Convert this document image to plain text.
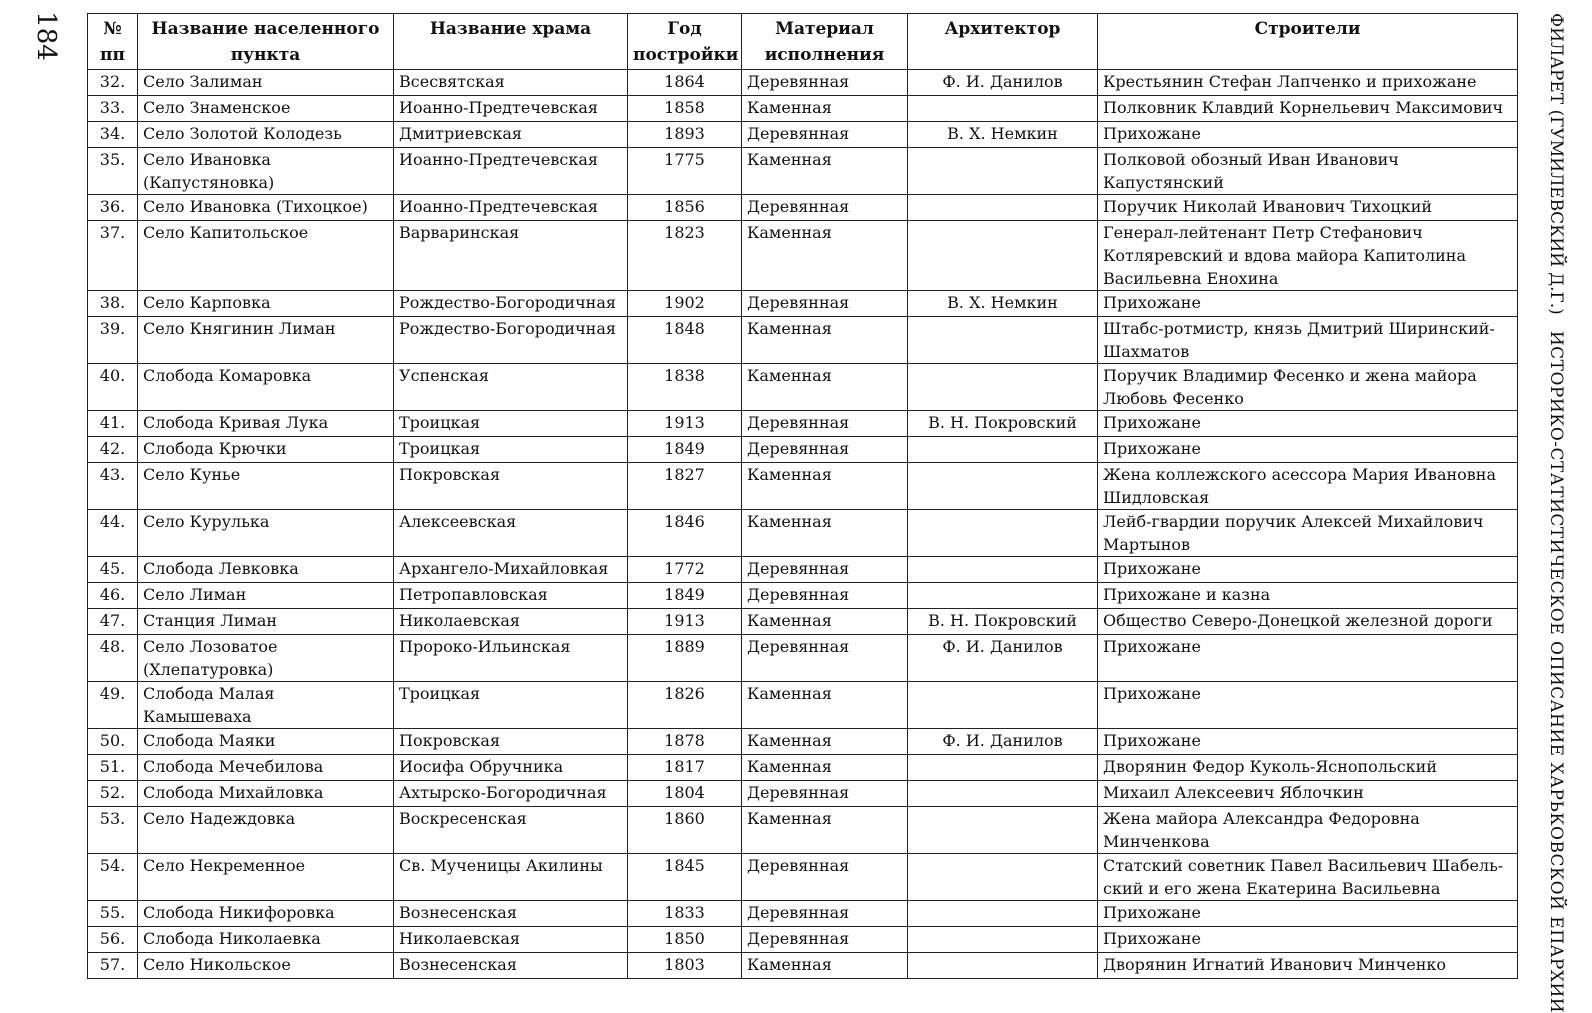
184 № пп	Название населенного пункта	Название храма	Год постройки	Материал исполнения	Архитектор	Строители
32.	Село Залиман	Всесвятская	1864	Деревянная	Ф. И. Данилов	Крестьянин Стефан Лапченко и прихожане
33.	Село Знаменское	Иоанно-Предтечевская	1858	Каменная		Полковник Клавдий Корнельевич Максимович
34.	Село Золотой Колодезь	Дмитриевская	1893	Деревянная	В. Х. Немкин	Прихожане
35.	Село Ивановка (Капустяновка)	Иоанно-Предтечевская	1775	Каменная		Полковой обозный Иван Иванович Капустянский
36.	Село Ивановка (Тихоцкое)	Иоанно-Предтечевская	1856	Деревянная		Поручик Николай Иванович Тихоцкий
37.	Село Капитольское	Варваринская	1823	Каменная		Генерал-лейтенант Петр Стефанович Котляревский и вдова майора Капитолина Васильевна Енохина
38.	Село Карповка	Рождество-Богородичная	1902	Деревянная	В. Х. Немкин	Прихожане
39.	Село Княгинин Лиман	Рождество-Богородичная	1848	Каменная		Штабс-ротмистр, князь Дмитрий Ширинский-Шахматов
40.	Слобода Комаровка	Успенская	1838	Каменная		Поручик Владимир Фесенко и жена майора Любовь Фесенко
41.	Слобода Кривая Лука	Троицкая	1913	Деревянная	В. Н. Покровский	Прихожане
42.	Слобода Крючки	Троицкая	1849	Деревянная		Прихожане
43.	Село Кунье	Покровская	1827	Каменная		Жена коллежского асессора Мария Ивановна Шидловская
44.	Село Курулька	Алексеевская	1846	Каменная		Лейб-гвардии поручик Алексей Михайлович Мартынов
45.	Слобода Левковка	Архангело-Михайловкая	1772	Деревянная		Прихожане
46.	Село Лиман	Петропавловская	1849	Деревянная		Прихожане и казна
47.	Станция Лиман	Николаевская	1913	Каменная	В. Н. Покровский	Общество Северо-Донецкой железной дороги
48.	Село Лозоватое (Хлепатуровка)	Пророко-Ильинская	1889	Деревянная	Ф. И. Данилов	Прихожане
49.	Слобода Малая Камышеваха	Троицкая	1826	Каменная		Прихожане
50.	Слобода Маяки	Покровская	1878	Каменная	Ф. И. Данилов	Прихожане
51.	Слобода Мечебилова	Иосифа Обручника	1817	Каменная		Дворянин Федор Куколь-Яснопольский
52.	Слобода Михайловка	Ахтырско-Богородичная	1804	Деревянная		Михаил Алексеевич Яблочкин
53.	Село Надеждовка	Воскресенская	1860	Каменная		Жена майора Александра Федоровна Минченкова
54.	Село Некременное	Св. Мученицы Акилины	1845	Деревянная		Статский советник Павел Васильевич Шабель-ский и его жена Екатерина Васильевна
55.	Слобода Никифоровка	Вознесенская	1833	Деревянная		Прихожане
56.	Слобода Николаевка	Николаевская	1850	Деревянная		Прихожане
57.	Село Никольское	Вознесенская	1803	Каменная		Дворянин Игнатий Иванович Минченко
ФИЛАРЕТ (ГУМИЛЕВСКИЙ Д.Г.)
ИСТОРИКО-СТАТИСТИЧЕСКОЕ ОПИСАНИЕ ХАРЬКОВСКОЙ ЕПАРХИИ
